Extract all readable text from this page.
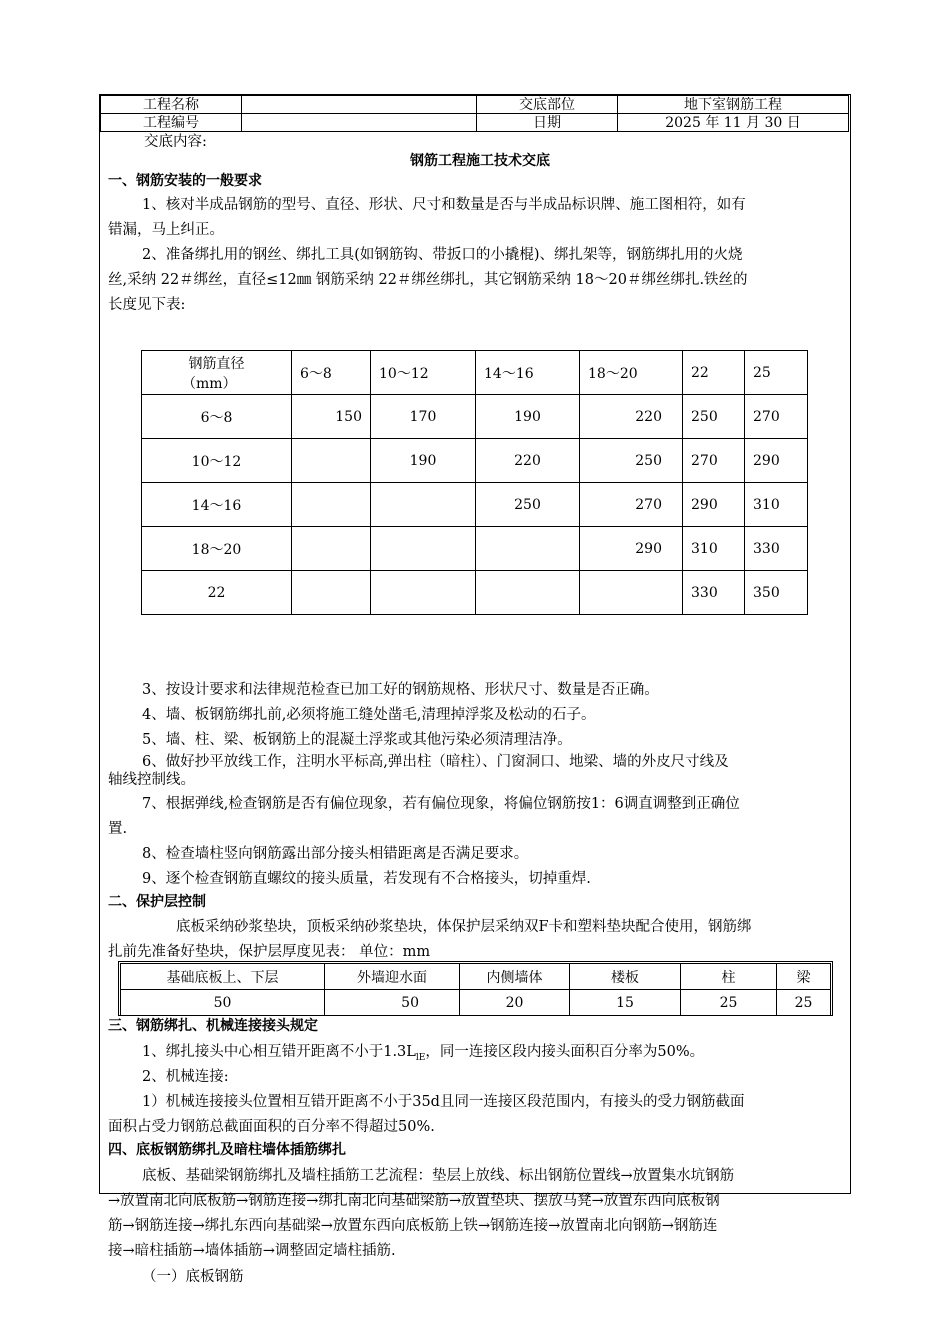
工程名称		交底部位	地下室钢筋工程
工程编号		日期	2025 年 11 月 30 日
交底内容:
钢筋工程施工技术交底
一、钢筋安装的一般要求
1、核对半成品钢筋的型号、直径、形状、尺寸和数量是否与半成品标识牌、施工图相符，如有
错漏，马上纠正。
2、准备绑扎用的钢丝、绑扎工具(如钢筋钩、带扳口的小撬棍)、绑扎架等，钢筋绑扎用的火烧
丝,采纳 22＃绑丝，直径≤12㎜ 钢筋采纳 22＃绑丝绑扎，其它钢筋采纳 18～20＃绑丝绑扎.铁丝的
长度见下表:
钢筋直径
（mm）	6～8	10～12	14～16	18～20	22	25
6～8	150	170	190	220	250	270
10～12		190	220	250	270	290
14～16			250	270	290	310
18～20				290	310	330
22					330	350
3、按设计要求和法律规范检查已加工好的钢筋规格、形状尺寸、数量是否正确。
4、墙、板钢筋绑扎前,必须将施工缝处凿毛,清理掉浮浆及松动的石子。
5、墙、柱、梁、板钢筋上的混凝土浮浆或其他污染必须清理洁净。
6、做好抄平放线工作，注明水平标高,弹出柱（暗柱）、门窗洞口、地梁、墙的外皮尺寸线及
轴线控制线。
7、根据弹线,检查钢筋是否有偏位现象，若有偏位现象，将偏位钢筋按1：6调直调整到正确位
置.
8、检查墙柱竖向钢筋露出部分接头相错距离是否满足要求。
9、逐个检查钢筋直螺纹的接头质量，若发现有不合格接头，切掉重焊.
二、保护层控制
底板采纳砂浆垫块，顶板采纳砂浆垫块，体保护层采纳双F卡和塑料垫块配合使用，钢筋绑
扎前先准备好垫块，保护层厚度见表： 单位：mm
基础底板上、下层	外墙迎水面	内侧墙体	楼板	柱	梁
50	50	20	15	25	25
三、钢筋绑扎、机械连接接头规定
1、绑扎接头中心相互错开距离不小于$1.3L_{lE}$，同一连接区段内接头面积百分率为50%。
2、机械连接:
1）机械连接接头位置相互错开距离不小于35d且同一连接区段范围内，有接头的受力钢筋截面
面积占受力钢筋总截面面积的百分率不得超过50%.
四、底板钢筋绑扎及暗柱墙体插筋绑扎
底板、基础梁钢筋绑扎及墙柱插筋工艺流程：垫层上放线、标出钢筋位置线→放置集水坑钢筋
→放置南北向底板筋→钢筋连接→绑扎南北向基础梁筋→放置垫块、摆放马凳→放置东西向底板钢
筋→钢筋连接→绑扎东西向基础梁→放置东西向底板筋上铁→钢筋连接→放置南北向钢筋→钢筋连
接→暗柱插筋→墙体插筋→调整固定墙柱插筋.
（一）底板钢筋
